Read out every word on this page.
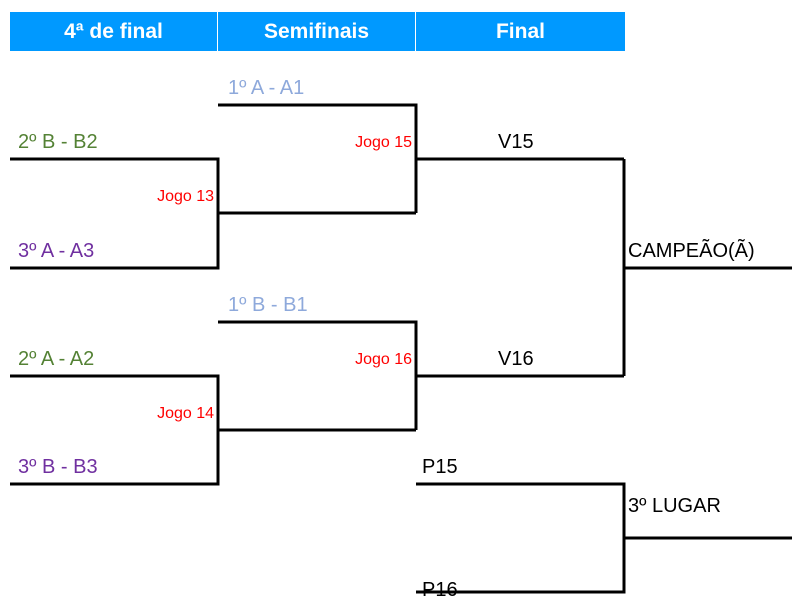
4ª de final	Semifinais	Final
2º B - B2
3º A - A3
2º A - A2
3º B - B3
1º A - A1
1º B - B1
Jogo 13
Jogo 14
Jogo 15
Jogo 16
V15
V16
CAMPEÃO(Ã)
P15
P16
3º LUGAR
